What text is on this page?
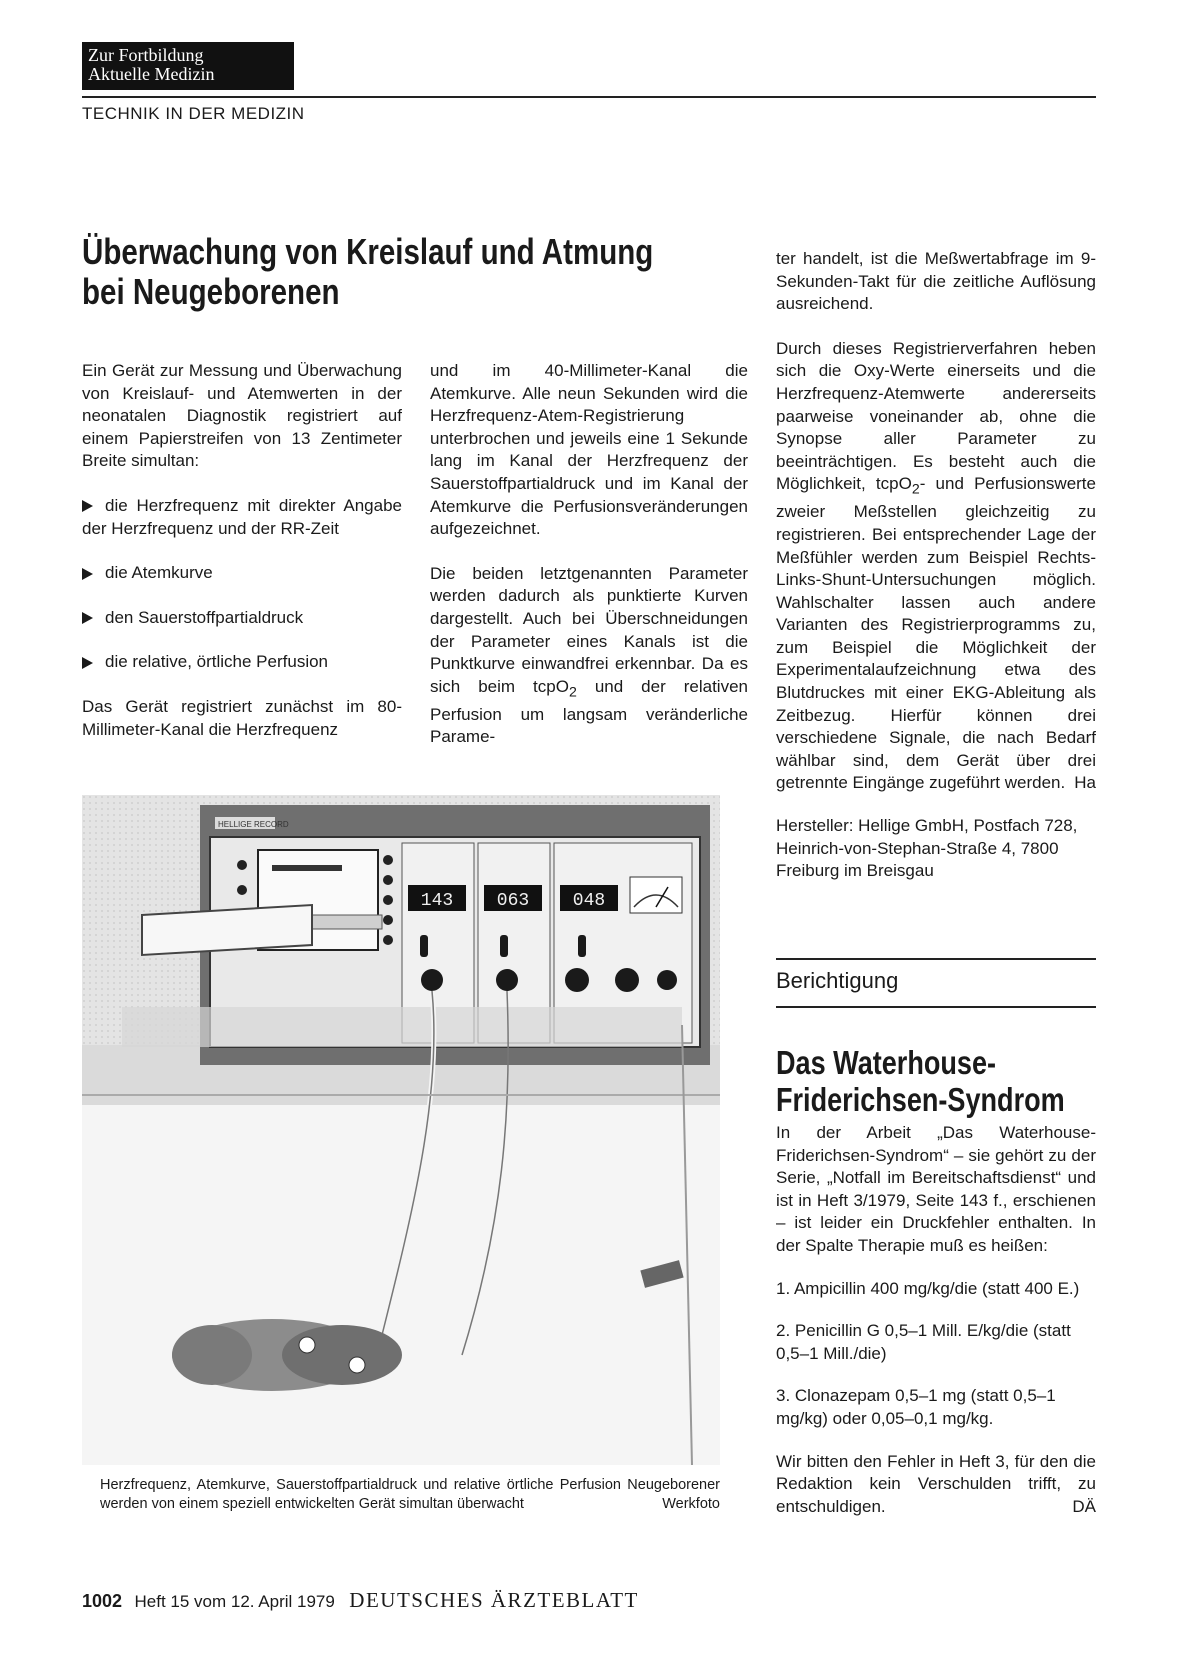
Zur Fortbildung
Aktuelle Medizin
TECHNIK IN DER MEDIZIN
Überwachung von Kreislauf und Atmung
bei Neugeborenen

Ein Gerät zur Messung und Überwachung von Kreislauf- und Atemwerten in der neonatalen Diagnostik registriert auf einem Papierstreifen von 13 Zentimeter Breite simultan:

die Herzfrequenz mit direkter Angabe der Herzfrequenz und der RR-Zeit
die Atemkurve
den Sauerstoffpartialdruck
die relative, örtliche Perfusion

Das Gerät registriert zunächst im 80-Millimeter-Kanal die Herzfrequenz

und im 40-Millimeter-Kanal die Atemkurve. Alle neun Sekunden wird die Herzfrequenz-Atem-Registrierung unterbrochen und jeweils eine 1 Sekunde lang im Kanal der Herzfrequenz der Sauerstoffpartialdruck und im Kanal der Atemkurve die Perfusionsveränderungen aufgezeichnet.

Die beiden letztgenannten Parameter werden dadurch als punktierte Kurven dargestellt. Auch bei Überschneidungen der Parameter eines Kanals ist die Punktkurve einwandfrei erkennbar. Da es sich beim tcpO$_2$ und der relativen Perfusion um langsam veränderliche Parame-

ter handelt, ist die Meßwertabfrage im 9-Sekunden-Takt für die zeitliche Auflösung ausreichend.

Durch dieses Registrierverfahren heben sich die Oxy-Werte einerseits und die Herzfrequenz-Atemwerte andererseits paarweise voneinander ab, ohne die Synopse aller Parameter zu beeinträchtigen. Es besteht auch die Möglichkeit, tcpO$_2$- und Perfusionswerte zweier Meßstellen gleichzeitig zu registrieren. Bei entsprechender Lage der Meßfühler werden zum Beispiel Rechts-Links-Shunt-Untersuchungen möglich. Wahlschalter lassen auch andere Varianten des Registrierprogramms zu, zum Beispiel die Möglichkeit der Experimentalaufzeichnung etwa des Blutdruckes mit einer EKG-Ableitung als Zeitbezug. Hierfür können drei verschiedene Signale, die nach Bedarf wählbar sind, dem Gerät über drei getrennte Eingänge zugeführt werden. Ha

Hersteller: Hellige GmbH, Postfach 728, Heinrich-von-Stephan-Straße 4, 7800 Freiburg im Breisgau

HELLIGE RECORD
143 063 048
Herzfrequenz, Atemkurve, Sauerstoffpartialdruck und relative örtliche Perfusion Neugeborener werden von einem speziell entwickelten Gerät simultan überwacht	Werkfoto
Berichtigung
Das Waterhouse-
Friderichsen-Syndrom

In der Arbeit „Das Waterhouse-Friderichsen-Syndrom“ – sie gehört zu der Serie, „Notfall im Bereitschaftsdienst“ und ist in Heft 3/1979, Seite 143 f., erschienen – ist leider ein Druckfehler enthalten. In der Spalte Therapie muß es heißen:

1. Ampicillin 400 mg/kg/die (statt 400 E.)

2. Penicillin G 0,5–1 Mill. E/kg/die (statt 0,5–1 Mill./die)

3. Clonazepam 0,5–1 mg (statt 0,5–1 mg/kg) oder 0,05–0,1 mg/kg.

Wir bitten den Fehler in Heft 3, für den die Redaktion kein Verschulden trifft, zu entschuldigen.	DÄ

1002 Heft 15 vom 12. April 1979 DEUTSCHES ÄRZTEBLATT
